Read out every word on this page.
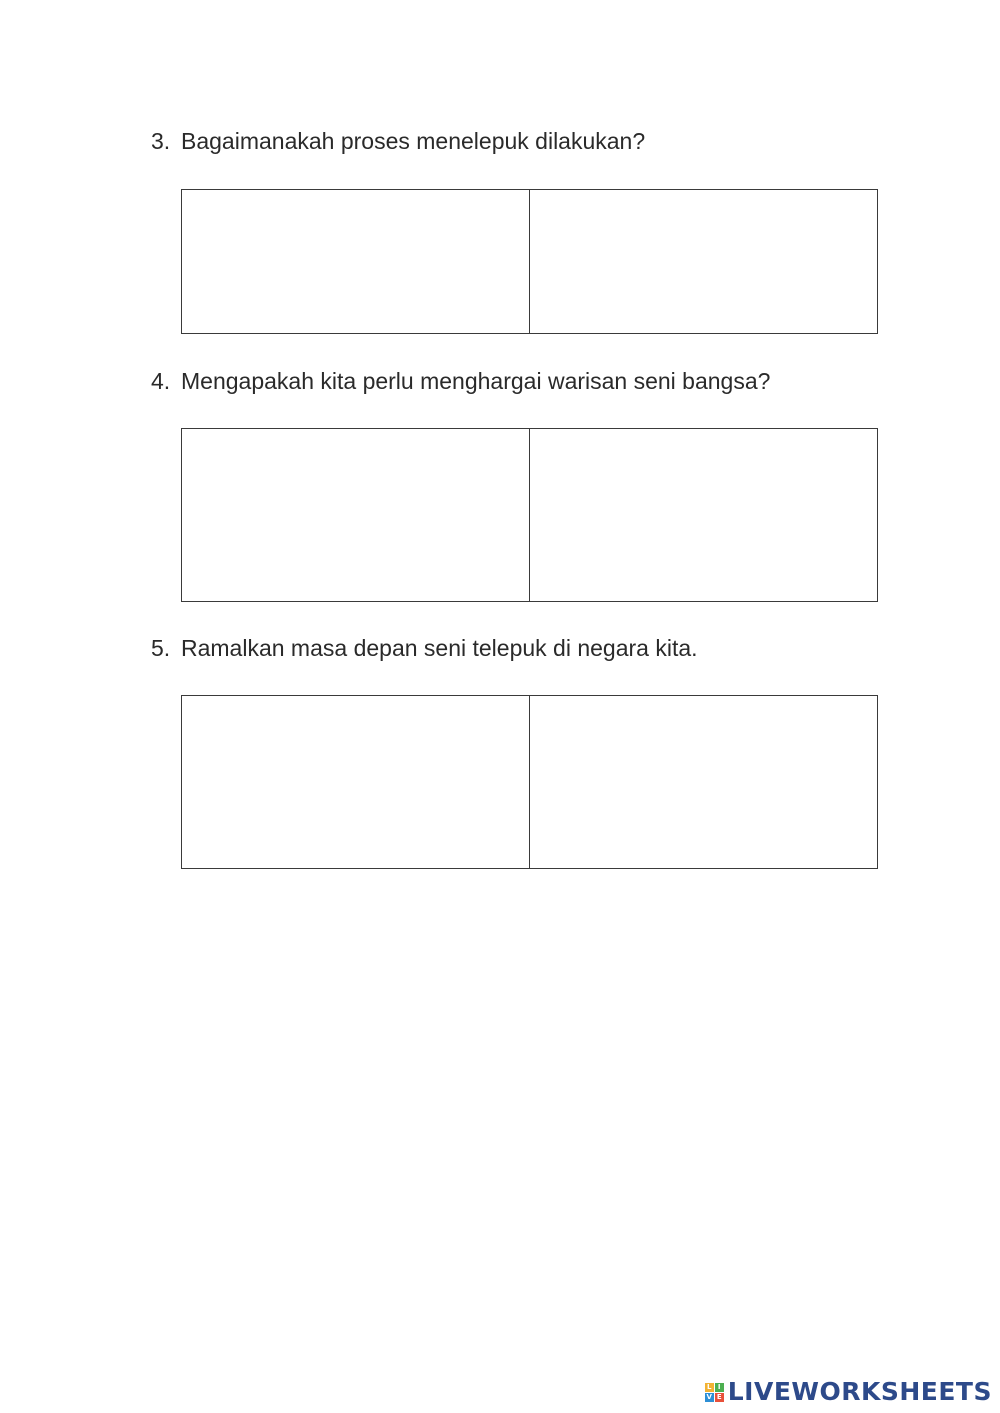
3. Bagaimanakah proses menelepuk dilakukan?
4. Mengapakah kita perlu menghargai warisan seni bangsa?
5. Ramalkan masa depan seni telepuk di negara kita.
L I
V E LIVEWORKSHEETS
